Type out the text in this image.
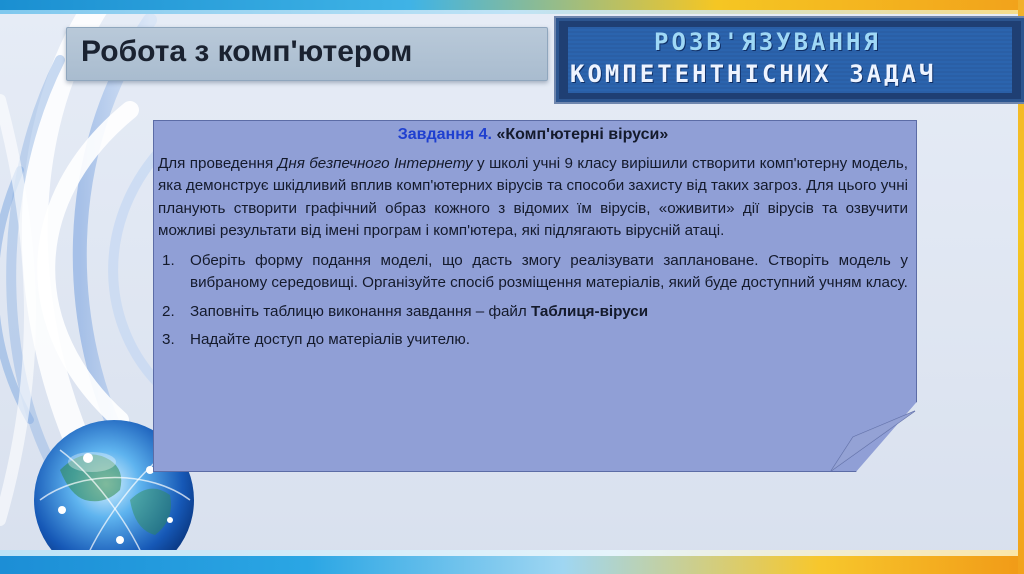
Робота з комп'ютером	РОЗВ'ЯЗУВАННЯ
КОМПЕТЕНТНІСНИХ ЗАДАЧ
Завдання 4. «Комп'ютерні віруси»

Для проведення Дня безпечного Інтернету у школі учні 9 класу вирішили створити комп'ютерну модель, яка демонструє шкідливий вплив комп'ютерних вірусів та способи захисту від таких загроз. Для цього учні планують створити графічний образ кожного з відомих їм вірусів, «оживити» дії вірусів та озвучити можливі результати від імені програм і комп'ютера, які підлягають вірусній атаці.

1. Оберіть форму подання моделі, що дасть змогу реалізувати заплановане. Створіть модель у вибраному середовищі. Організуйте спосіб розміщення матеріалів, який буде доступний учням класу.
2. Заповніть таблицю виконання завдання – файл Таблиця-віруси
3. Надайте доступ до матеріалів учителю.
